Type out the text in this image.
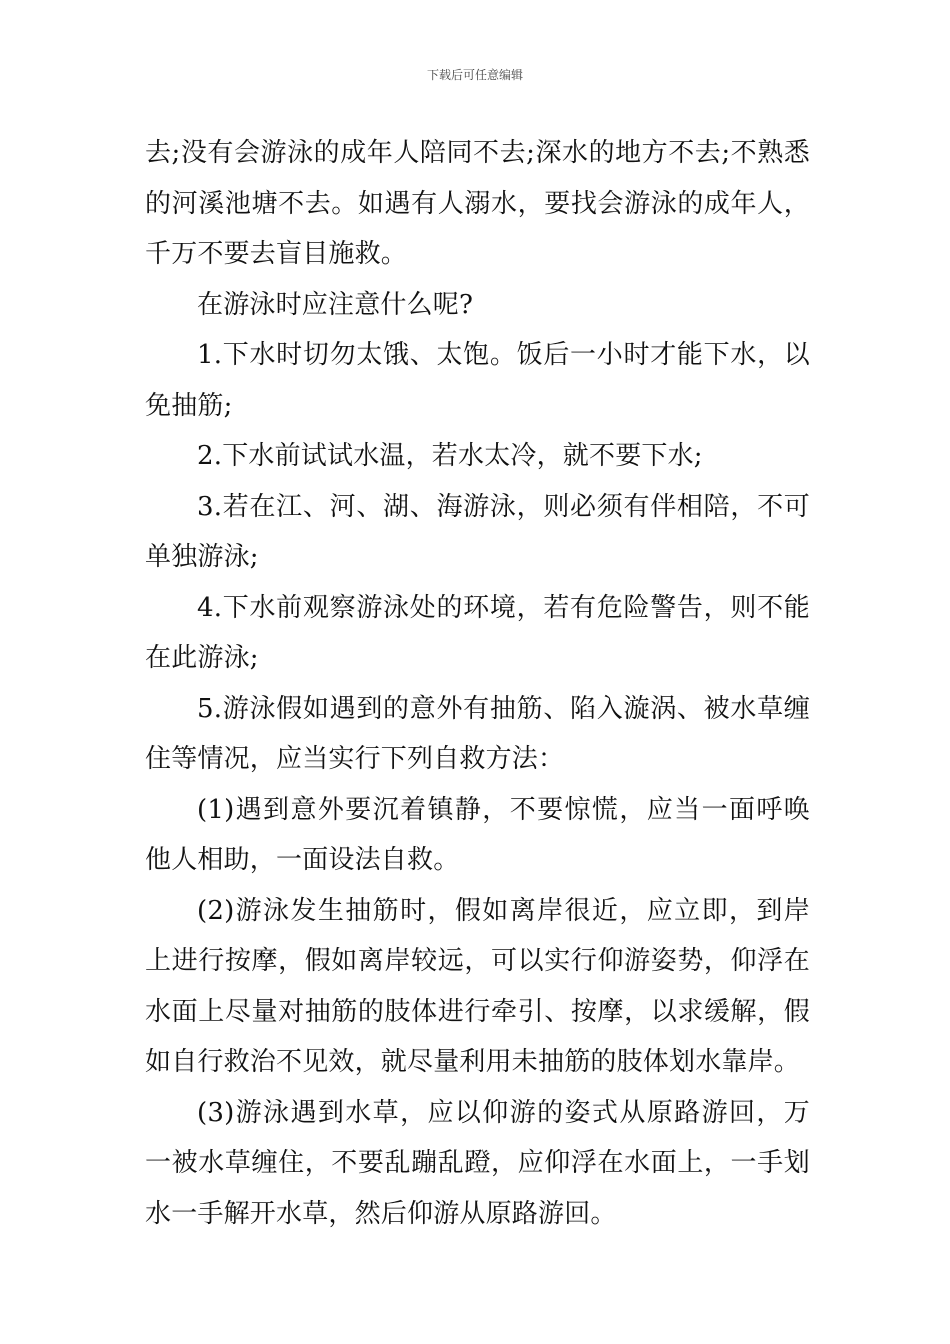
下载后可任意编辑

去;没有会游泳的成年人陪同不去;深水的地方不去;不熟悉的河溪池塘不去。如遇有人溺水，要找会游泳的成年人，千万不要去盲目施救。

在游泳时应注意什么呢?

1.下水时切勿太饿、太饱。饭后一小时才能下水，以免抽筋;

2.下水前试试水温，若水太冷，就不要下水;

3.若在江、河、湖、海游泳，则必须有伴相陪，不可单独游泳;

4.下水前观察游泳处的环境，若有危险警告，则不能在此游泳;

5.游泳假如遇到的意外有抽筋、陷入漩涡、被水草缠住等情况，应当实行下列自救方法：

(1)遇到意外要沉着镇静，不要惊慌，应当一面呼唤他人相助，一面设法自救。

(2)游泳发生抽筋时，假如离岸很近，应立即，到岸上进行按摩，假如离岸较远，可以实行仰游姿势，仰浮在水面上尽量对抽筋的肢体进行牵引、按摩，以求缓解，假如自行救治不见效，就尽量利用未抽筋的肢体划水靠岸。

(3)游泳遇到水草，应以仰游的姿式从原路游回，万一被水草缠住，不要乱蹦乱蹬，应仰浮在水面上，一手划水一手解开水草，然后仰游从原路游回。
